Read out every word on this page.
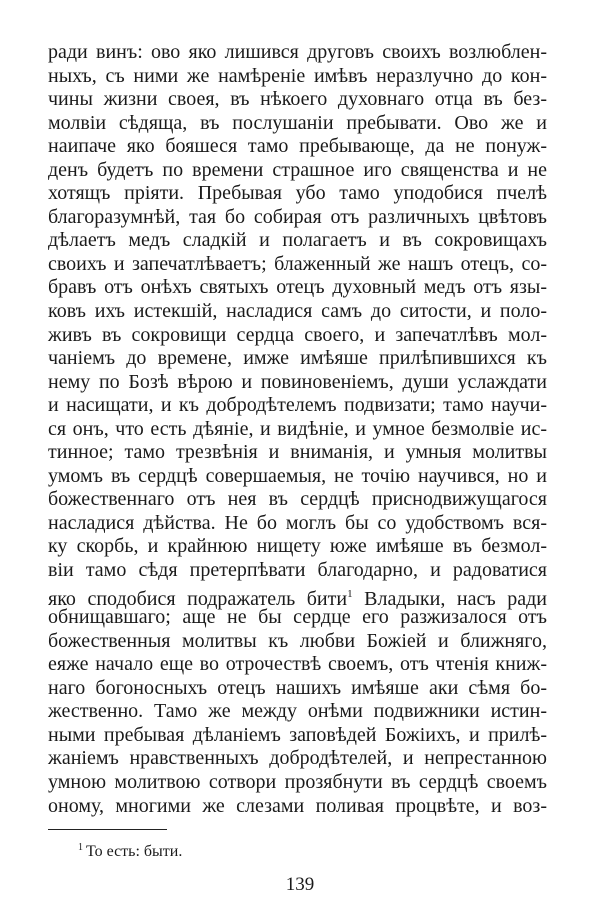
ради винъ: ово яко лишився друговъ своихъ возлюблен-
ныхъ, съ ними же намѣреніе имѣвъ неразлучно до кон-
чины жизни своея, въ нѣкоего духовнаго отца въ без-
молвіи сѣдяща, въ послушаніи пребывати. Ово же и
наипаче яко бояшеся тамо пребывающе, да не понуж-
денъ будетъ по времени страшное иго священства и не
хотящъ пріяти. Пребывая убо тамо уподобися пчелѣ
благоразумнѣй, тая бо собирая отъ различныхъ цвѣтовъ
дѣлаетъ медъ сладкій и полагаетъ и въ сокровищахъ
своихъ и запечатлѣваетъ; блаженный же нашъ отецъ, со-
бравъ отъ онѣхъ святыхъ отецъ духовный медъ отъ язы-
ковъ ихъ истекшій, насладися самъ до ситости, и поло-
живъ въ сокровищи сердца своего, и запечатлѣвъ мол-
чаніемъ до времене, имже имѣяше прилѣпившихся къ
нему по Бозѣ вѣрою и повиновеніемъ, души услаждати
и насищати, и къ добродѣтелемъ подвизати; тамо научи-
ся онъ, что есть дѣяніе, и видѣніе, и умное безмолвіе ис-
тинное; тамо трезвѣнія и вниманія, и умныя молитвы
умомъ въ сердцѣ совершаемыя, не точію научився, но и
божественнаго отъ нея въ сердцѣ приснодвижущагося
насладися дѣйства. Не бо моглъ бы со удобствомъ вся-
ку скорбь, и крайнюю нищету юже имѣяше въ безмол-
віи тамо сѣдя претерпѣвати благодарно, и радоватися
яко сподобися подражатель бити$^1$ Владыки, насъ ради
обнищавшаго; аще не бы сердце его разжизалося отъ
божественныя молитвы къ любви Божіей и ближняго,
еяже начало еще во отрочествѣ своемъ, отъ чтенія книж-
наго богоносныхъ отецъ нашихъ имѣяше аки сѣмя бо-
жественно. Тамо же между онѣми подвижники истин-
ными пребывая дѣланіемъ заповѣдей Божіихъ, и прилѣ-
жаніемъ нравственныхъ добродѣтелей, и непрестанною
умною молитвою сотвори прозябнути въ сердцѣ своемъ
оному, многими же слезами поливая процвѣте, и воз-
$^1$ То есть: быти.
139
